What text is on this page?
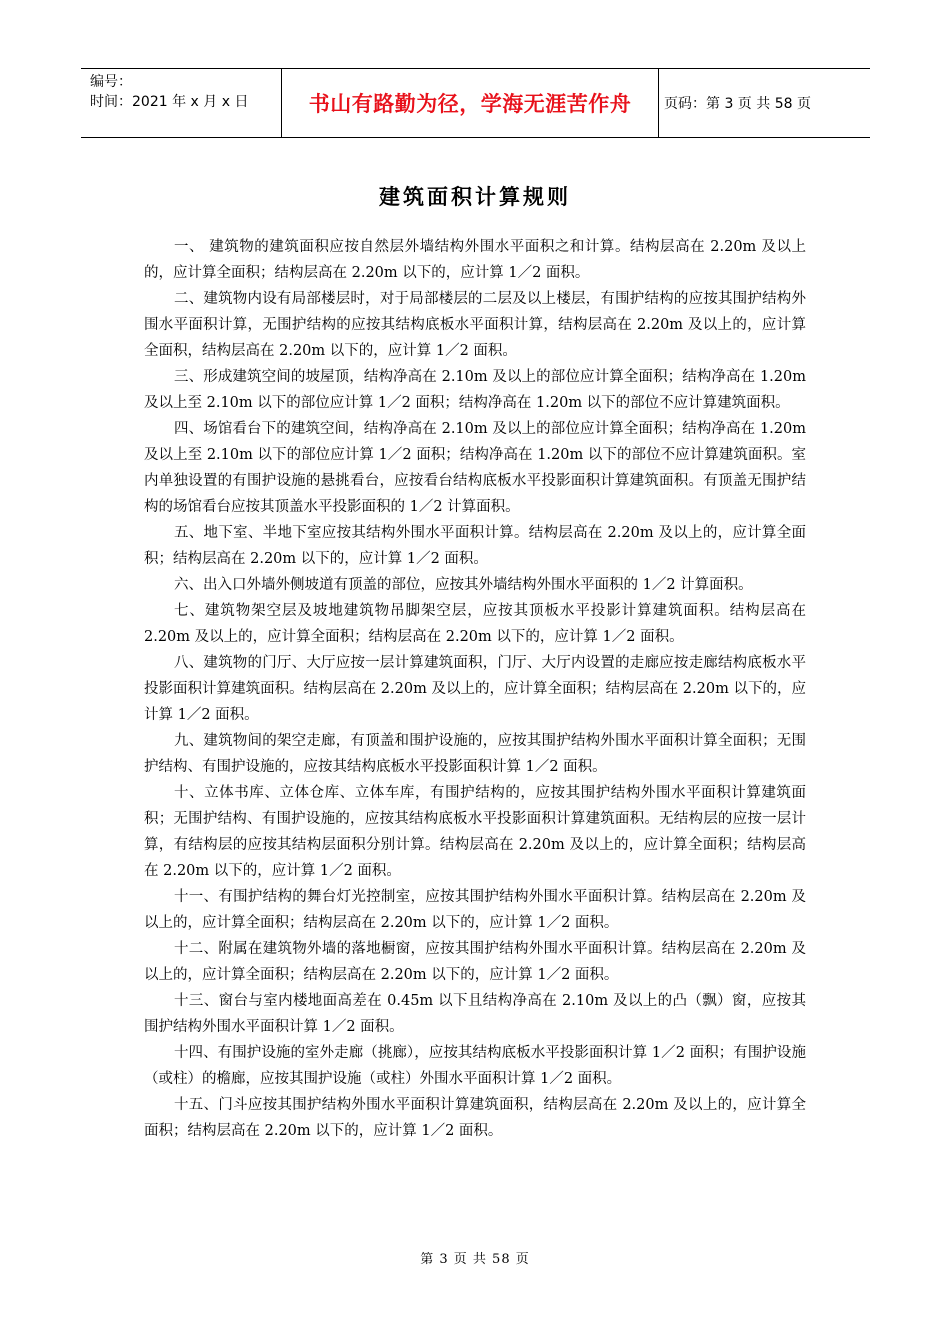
编号：
时间：2021 年 x 月 x 日	书山有路勤为径，学海无涯苦作舟 页码：第 3 页 共 58 页
建筑面积计算规则

一、 建筑物的建筑面积应按自然层外墙结构外围水平面积之和计算。结构层高在 2.20m 及以上的，应计算全面积；结构层高在 2.20m 以下的，应计算 1／2 面积。

二、建筑物内设有局部楼层时，对于局部楼层的二层及以上楼层，有围护结构的应按其围护结构外围水平面积计算，无围护结构的应按其结构底板水平面积计算，结构层高在 2.20m 及以上的，应计算全面积，结构层高在 2.20m 以下的，应计算 1／2 面积。

三、形成建筑空间的坡屋顶，结构净高在 2.10m 及以上的部位应计算全面积；结构净高在 1.20m 及以上至 2.10m 以下的部位应计算 1／2 面积；结构净高在 1.20m 以下的部位不应计算建筑面积。

四、场馆看台下的建筑空间，结构净高在 2.10m 及以上的部位应计算全面积；结构净高在 1.20m 及以上至 2.10m 以下的部位应计算 1／2 面积；结构净高在 1.20m 以下的部位不应计算建筑面积。室内单独设置的有围护设施的悬挑看台，应按看台结构底板水平投影面积计算建筑面积。有顶盖无围护结构的场馆看台应按其顶盖水平投影面积的 1／2 计算面积。

五、地下室、半地下室应按其结构外围水平面积计算。结构层高在 2.20m 及以上的，应计算全面积；结构层高在 2.20m 以下的，应计算 1／2 面积。

六、出入口外墙外侧坡道有顶盖的部位，应按其外墙结构外围水平面积的 1／2 计算面积。

七、建筑物架空层及坡地建筑物吊脚架空层，应按其顶板水平投影计算建筑面积。结构层高在 2.20m 及以上的，应计算全面积；结构层高在 2.20m 以下的，应计算 1／2 面积。

八、建筑物的门厅、大厅应按一层计算建筑面积，门厅、大厅内设置的走廊应按走廊结构底板水平投影面积计算建筑面积。结构层高在 2.20m 及以上的，应计算全面积；结构层高在 2.20m 以下的，应计算 1／2 面积。

九、建筑物间的架空走廊，有顶盖和围护设施的，应按其围护结构外围水平面积计算全面积；无围护结构、有围护设施的，应按其结构底板水平投影面积计算 1／2 面积。

十、立体书库、立体仓库、立体车库，有围护结构的，应按其围护结构外围水平面积计算建筑面积；无围护结构、有围护设施的，应按其结构底板水平投影面积计算建筑面积。无结构层的应按一层计算，有结构层的应按其结构层面积分别计算。结构层高在 2.20m 及以上的，应计算全面积；结构层高在 2.20m 以下的，应计算 1／2 面积。

十一、有围护结构的舞台灯光控制室，应按其围护结构外围水平面积计算。结构层高在 2.20m 及以上的，应计算全面积；结构层高在 2.20m 以下的，应计算 1／2 面积。

十二、附属在建筑物外墙的落地橱窗，应按其围护结构外围水平面积计算。结构层高在 2.20m 及以上的，应计算全面积；结构层高在 2.20m 以下的，应计算 1／2 面积。

十三、窗台与室内楼地面高差在 0.45m 以下且结构净高在 2.10m 及以上的凸（飘）窗，应按其围护结构外围水平面积计算 1／2 面积。

十四、有围护设施的室外走廊（挑廊），应按其结构底板水平投影面积计算 1／2 面积；有围护设施（或柱）的檐廊，应按其围护设施（或柱）外围水平面积计算 1／2 面积。

十五、门斗应按其围护结构外围水平面积计算建筑面积，结构层高在 2.20m 及以上的，应计算全面积；结构层高在 2.20m 以下的，应计算 1／2 面积。

第 3 页 共 58 页
